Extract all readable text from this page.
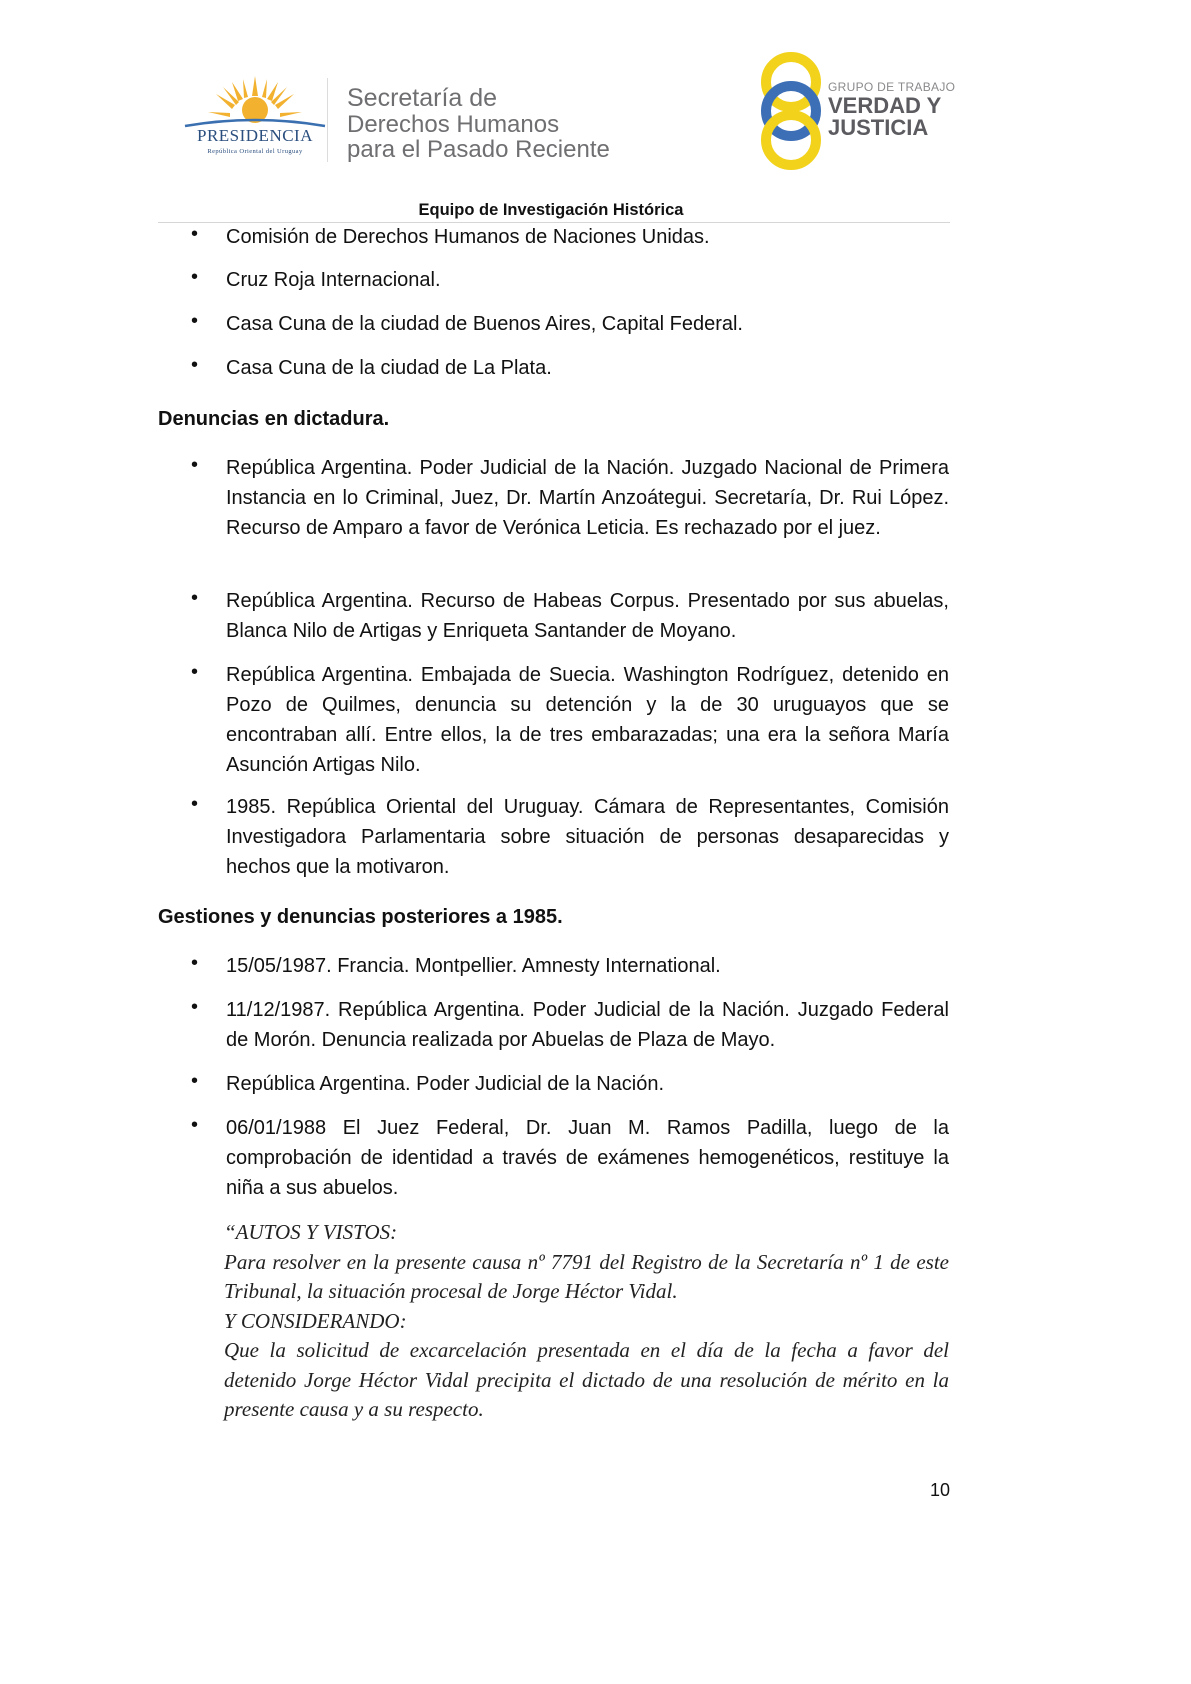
PRESIDENCIA
República Oriental del Uruguay
Secretaría de
Derechos Humanos
para el Pasado Reciente
GRUPO DE TRABAJO
VERDAD Y
JUSTICIA
Equipo de Investigación Histórica
• Comisión de Derechos Humanos de Naciones Unidas.
• Cruz Roja Internacional.
• Casa Cuna de la ciudad de Buenos Aires, Capital Federal.
• Casa Cuna de la ciudad de La Plata.
Denuncias en dictadura.
• República Argentina. Poder Judicial de la Nación. Juzgado Nacional de Primera Instancia en lo Criminal, Juez, Dr. Martín Anzoátegui. Secretaría, Dr. Rui López. Recurso de Amparo a favor de Verónica Leticia. Es rechazado por el juez.
• República Argentina. Recurso de Habeas Corpus. Presentado por sus abuelas, Blanca Nilo de Artigas y Enriqueta Santander de Moyano.
• República Argentina. Embajada de Suecia. Washington Rodríguez, detenido en Pozo de Quilmes, denuncia su detención y la de 30 uruguayos que se encontraban allí. Entre ellos, la de tres embarazadas; una era la señora María Asunción Artigas Nilo.
• 1985. República Oriental del Uruguay. Cámara de Representantes, Comisión Investigadora Parlamentaria sobre situación de personas desaparecidas y hechos que la motivaron.
Gestiones y denuncias posteriores a 1985.
• 15/05/1987. Francia. Montpellier. Amnesty International.
• 11/12/1987. República Argentina. Poder Judicial de la Nación. Juzgado Federal de Morón. Denuncia realizada por Abuelas de Plaza de Mayo.
• República Argentina. Poder Judicial de la Nación.
• 06/01/1988 El Juez Federal, Dr. Juan M. Ramos Padilla, luego de la comprobación de identidad a través de exámenes hemogenéticos, restituye la niña a sus abuelos.
“AUTOS Y VISTOS:
Para resolver en la presente causa nº 7791 del Registro de la Secretaría nº 1 de este Tribunal, la situación procesal de Jorge Héctor Vidal.
Y CONSIDERANDO:
Que la solicitud de excarcelación presentada en el día de la fecha a favor del detenido Jorge Héctor Vidal precipita el dictado de una resolución de mérito en la presente causa y a su respecto.
10
